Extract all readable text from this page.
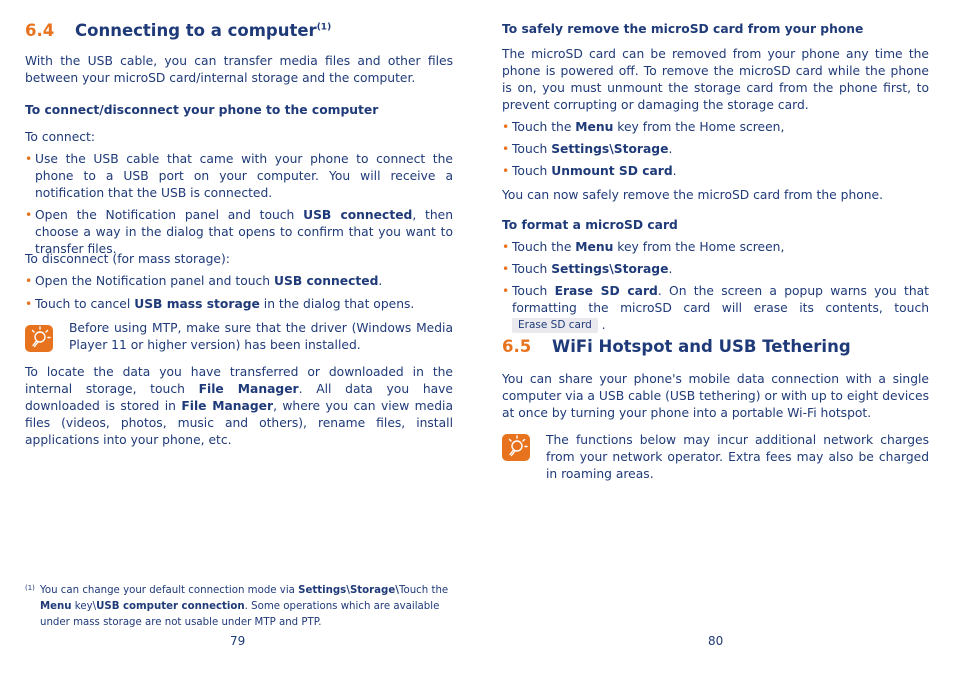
6.4 Connecting to a computer$^{(1)}$

With the USB cable, you can transfer media files and other files between your microSD card/internal storage and the computer.

To connect/disconnect your phone to the computer

To connect:

• Use the USB cable that came with your phone to connect the phone to a USB port on your computer. You will receive a notification that the USB is connected.
• Open the Notification panel and touch USB connected, then choose a way in the dialog that opens to confirm that you want to transfer files.

To disconnect (for mass storage):

• Open the Notification panel and touch USB connected.
• Touch to cancel USB mass storage in the dialog that opens.
Before using MTP, make sure that the driver (Windows Media Player 11 or higher version) has been installed.

To locate the data you have transferred or downloaded in the internal storage, touch File Manager. All data you have downloaded is stored in File Manager, where you can view media files (videos, photos, music and others), rename files, install applications into your phone, etc.

(1) You can change your default connection mode via Settings\Storage\Touch the Menu key\USB computer connection. Some operations which are available under mass storage are not usable under MTP and PTP.
79
To safely remove the microSD card from your phone

The microSD card can be removed from your phone any time the phone is powered off. To remove the microSD card while the phone is on, you must unmount the storage card from the phone first, to prevent corrupting or damaging the storage card.

• Touch the Menu key from the Home screen,
• Touch Settings\Storage.
• Touch Unmount SD card.

You can now safely remove the microSD card from the phone.

To format a microSD card
• Touch the Menu key from the Home screen,
• Touch Settings\Storage.
• Touch Erase SD card. On the screen a popup warns you that formatting the microSD card will erase its contents, touch Erase SD card .
6.5 WiFi Hotspot and USB Tethering

You can share your phone's mobile data connection with a single computer via a USB cable (USB tethering) or with up to eight devices at once by turning your phone into a portable Wi-Fi hotspot.

The functions below may incur additional network charges from your network operator. Extra fees may also be charged in roaming areas.
80
